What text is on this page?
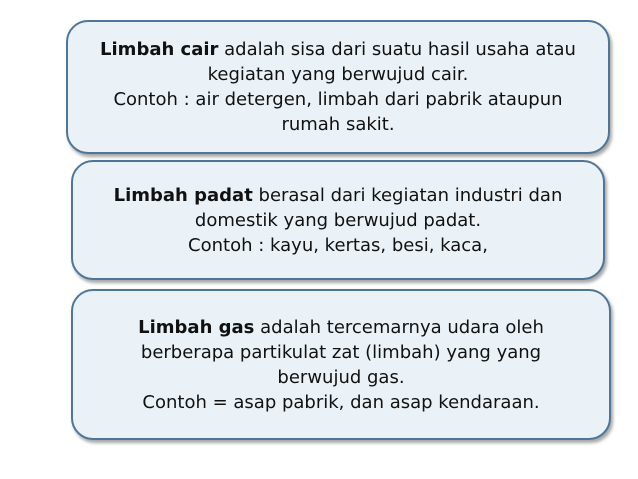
Limbah cair adalah sisa dari suatu hasil usaha atau

kegiatan yang berwujud cair.

Contoh : air detergen, limbah dari pabrik ataupun

rumah sakit.

Limbah padat berasal dari kegiatan industri dan

domestik yang berwujud padat.

Contoh : kayu, kertas, besi, kaca,

Limbah gas adalah tercemarnya udara oleh

berberapa partikulat zat (limbah) yang yang

berwujud gas.

Contoh = asap pabrik, dan asap kendaraan.
